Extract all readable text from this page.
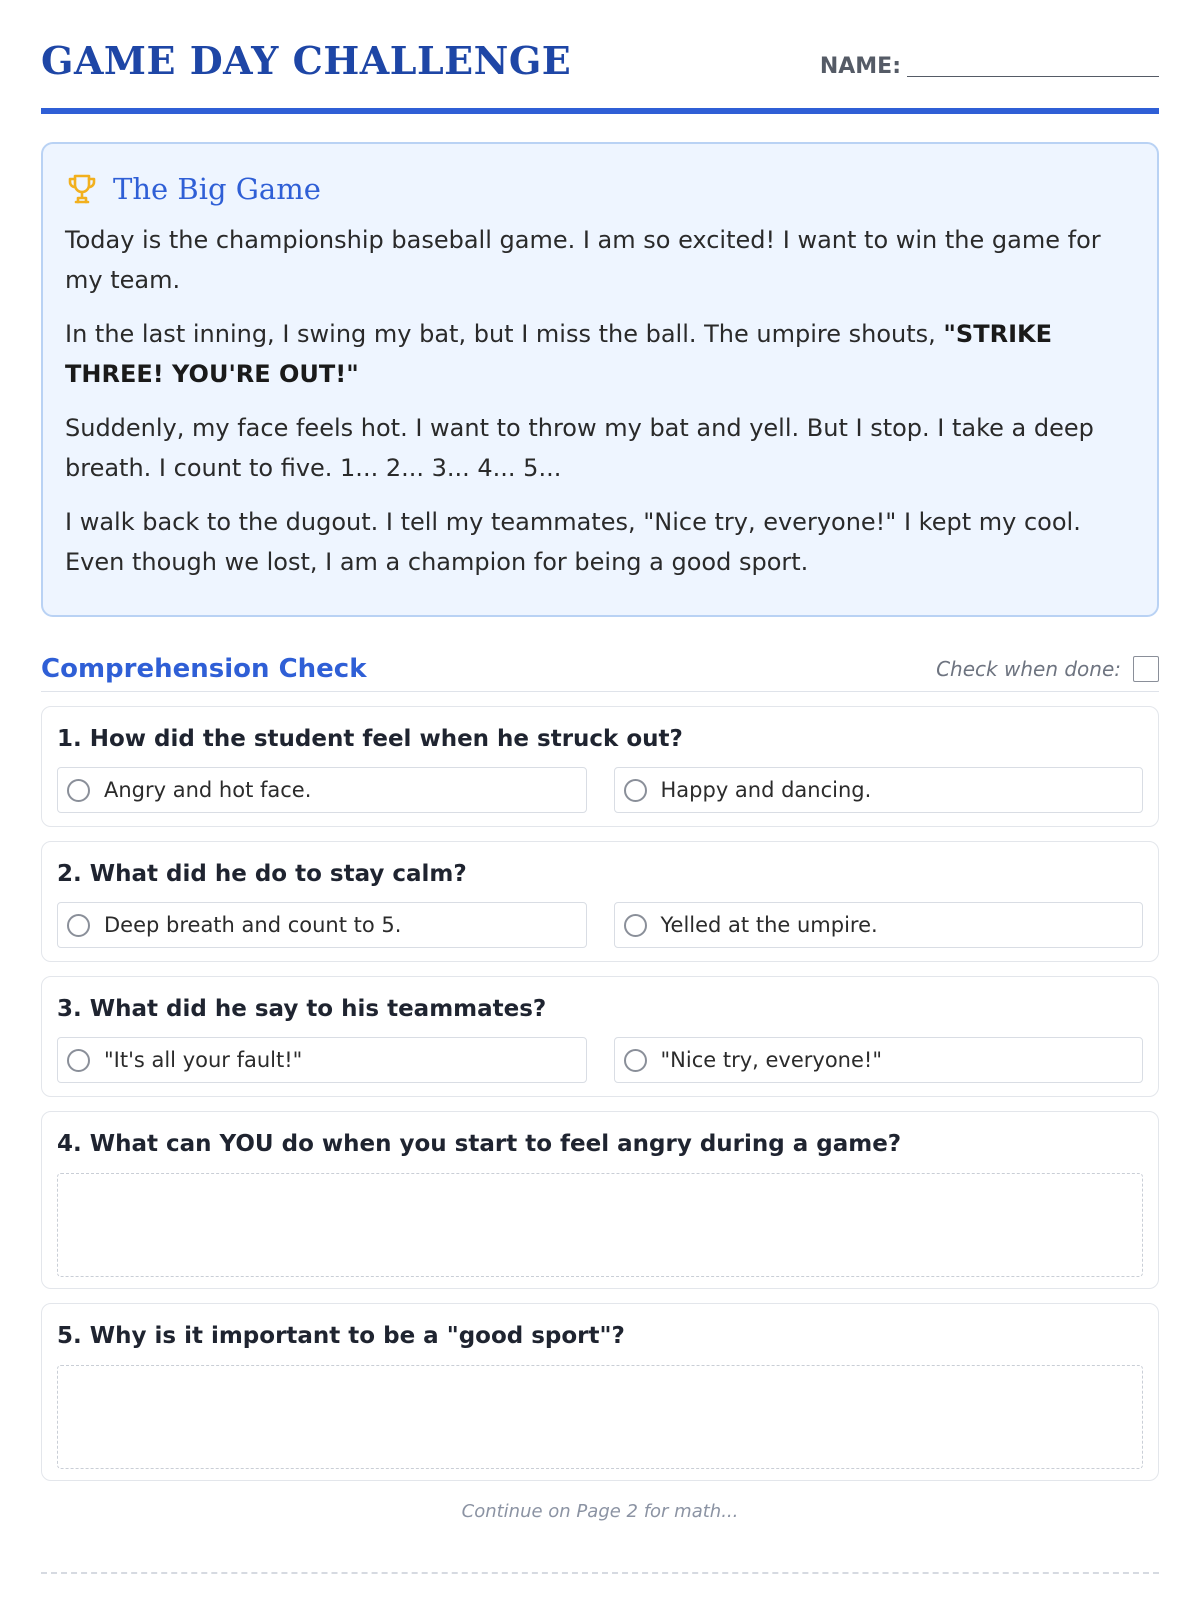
GAME DAY CHALLENGE	NAME:
The Big Game

Today is the championship baseball game. I am so excited! I want to win the game for my team.

In the last inning, I swing my bat, but I miss the ball. The umpire shouts, "STRIKE THREE! YOU'RE OUT!"

Suddenly, my face feels hot. I want to throw my bat and yell. But I stop. I take a deep breath. I count to five. 1... 2... 3... 4... 5...

I walk back to the dugout. I tell my teammates, "Nice try, everyone!" I kept my cool. Even though we lost, I am a champion for being a good sport.

Comprehension Check	Check when done:
1. How did the student feel when he struck out?
Angry and hot face.	Happy and dancing.
2. What did he do to stay calm?
Deep breath and count to 5.	Yelled at the umpire.
3. What did he say to his teammates?
"It's all your fault!"	"Nice try, everyone!"
4. What can YOU do when you start to feel angry during a game?
5. Why is it important to be a "good sport"?
Continue on Page 2 for math...
